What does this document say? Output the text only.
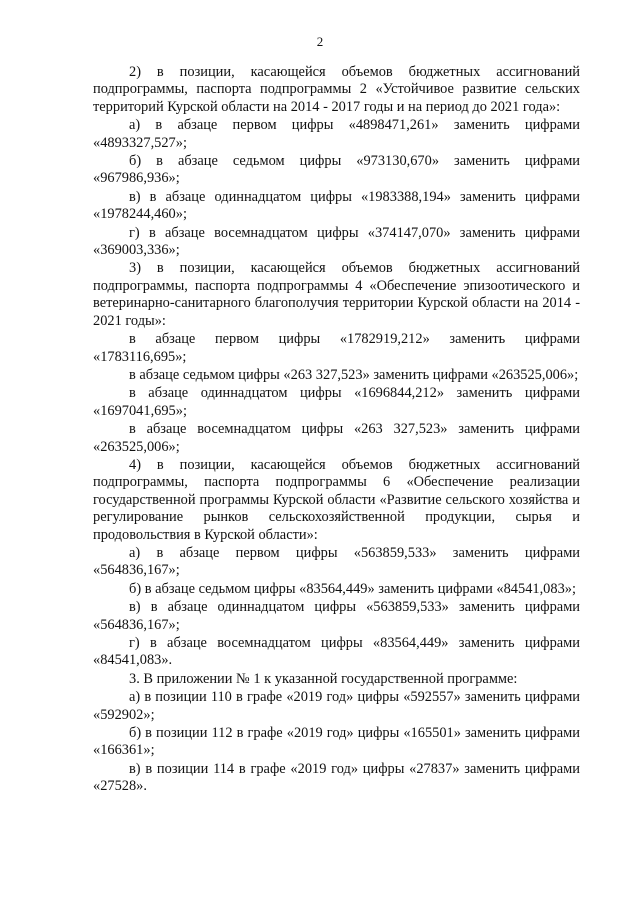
2

2) в позиции, касающейся объемов бюджетных ассигнований подпрограммы, паспорта подпрограммы 2 «Устойчивое развитие сельских территорий Курской области на 2014 - 2017 годы и на период до 2021 года»:

а) в абзаце первом цифры «4898471,261» заменить цифрами «4893327,527»;

б) в абзаце седьмом цифры «973130,670» заменить цифрами «967986,936»;

в) в абзаце одиннадцатом цифры «1983388,194» заменить цифрами «1978244,460»;

г) в абзаце восемнадцатом цифры «374147,070» заменить цифрами «369003,336»;

3) в позиции, касающейся объемов бюджетных ассигнований подпрограммы, паспорта подпрограммы 4 «Обеспечение эпизоотического и ветеринарно-санитарного благополучия территории Курской области на 2014 - 2021 годы»:

в абзаце первом цифры «1782919,212» заменить цифрами «1783116,695»;

в абзаце седьмом цифры «263 327,523» заменить цифрами «263525,006»;

в абзаце одиннадцатом цифры «1696844,212» заменить цифрами «1697041,695»;

в абзаце восемнадцатом цифры «263 327,523» заменить цифрами «263525,006»;

4) в позиции, касающейся объемов бюджетных ассигнований подпрограммы, паспорта подпрограммы 6 «Обеспечение реализации государственной программы Курской области «Развитие сельского хозяйства и регулирование рынков сельскохозяйственной продукции, сырья и продовольствия в Курской области»:

а) в абзаце первом цифры «563859,533» заменить цифрами «564836,167»;

б) в абзаце седьмом цифры «83564,449» заменить цифрами «84541,083»;

в) в абзаце одиннадцатом цифры «563859,533» заменить цифрами «564836,167»;

г) в абзаце восемнадцатом цифры «83564,449» заменить цифрами «84541,083».

3. В приложении № 1 к указанной государственной программе:

а) в позиции 110 в графе «2019 год» цифры «592557» заменить цифрами «592902»;

б) в позиции 112 в графе «2019 год» цифры «165501» заменить цифрами «166361»;

в) в позиции 114 в графе «2019 год» цифры «27837» заменить цифрами «27528».
